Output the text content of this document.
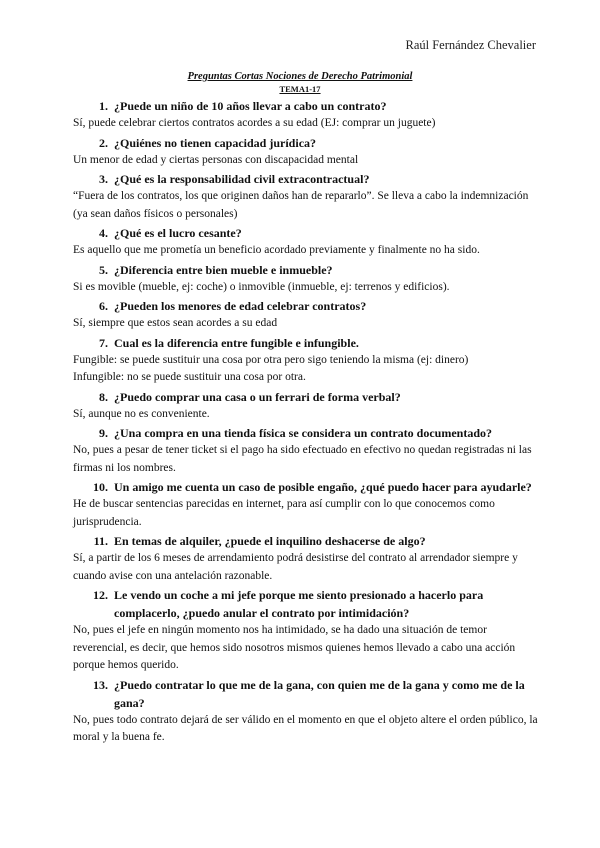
Raúl Fernández Chevalier
Preguntas Cortas Nociones de Derecho Patrimonial
TEMA1-17
1. ¿Puede un niño de 10 años llevar a cabo un contrato?

Sí, puede celebrar ciertos contratos acordes a su edad (EJ: comprar un juguete)

2. ¿Quiénes no tienen capacidad jurídica?

Un menor de edad y ciertas personas con discapacidad mental

3. ¿Qué es la responsabilidad civil extracontractual?

“Fuera de los contratos, los que originen daños han de repararlo”. Se lleva a cabo la indemnización (ya sean daños físicos o personales)

4. ¿Qué es el lucro cesante?

Es aquello que me prometía un beneficio acordado previamente y finalmente no ha sido.

5. ¿Diferencia entre bien mueble e inmueble?

Si es movible (mueble, ej: coche) o inmovible (inmueble, ej: terrenos y edificios).

6. ¿Pueden los menores de edad celebrar contratos?

Sí, siempre que estos sean acordes a su edad

7. Cual es la diferencia entre fungible e infungible.

Fungible: se puede sustituir una cosa por otra pero sigo teniendo la misma (ej: dinero)

Infungible: no se puede sustituir una cosa por otra.

8. ¿Puedo comprar una casa o un ferrari de forma verbal?

Sí, aunque no es conveniente.

9. ¿Una compra en una tienda física se considera un contrato documentado?

No, pues a pesar de tener ticket si el pago ha sido efectuado en efectivo no quedan registradas ni las firmas ni los nombres.

10. Un amigo me cuenta un caso de posible engaño, ¿qué puedo hacer para ayudarle?

He de buscar sentencias parecidas en internet, para así cumplir con lo que conocemos como jurisprudencia.

11. En temas de alquiler, ¿puede el inquilino deshacerse de algo?

Sí, a partir de los 6 meses de arrendamiento podrá desistirse del contrato al arrendador siempre y cuando avise con una antelación razonable.

12. Le vendo un coche a mi jefe porque me siento presionado a hacerlo para complacerlo, ¿puedo anular el contrato por intimidación?

No, pues el jefe en ningún momento nos ha intimidado, se ha dado una situación de temor reverencial, es decir, que hemos sido nosotros mismos quienes hemos llevado a cabo una acción porque hemos querido.

13. ¿Puedo contratar lo que me de la gana, con quien me de la gana y como me de la gana?

No, pues todo contrato dejará de ser válido en el momento en que el objeto altere el orden público, la moral y la buena fe.
